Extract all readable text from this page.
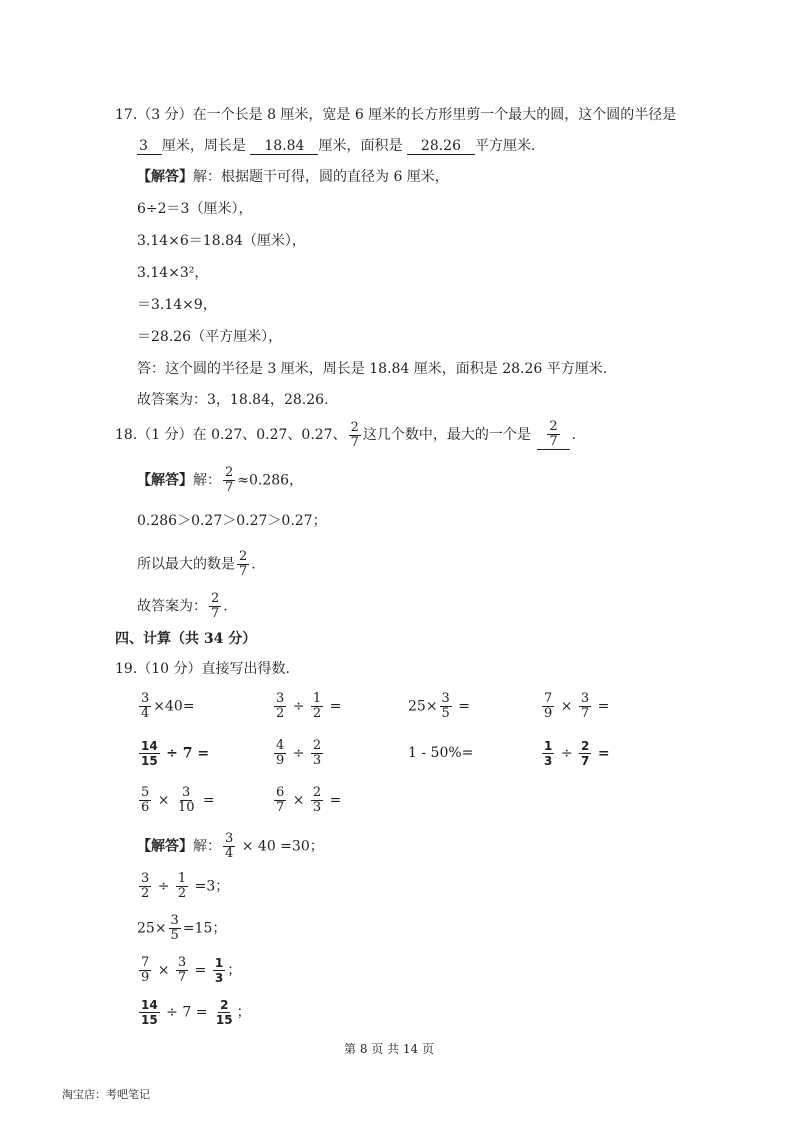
17.（3 分）在一个长是 8 厘米，宽是 6 厘米的长方形里剪一个最大的圆，这个圆的半径是
3 厘米，周长是 18.84 厘米，面积是 28.26 平方厘米.
【解答】解：根据题干可得，圆的直径为 6 厘米，
6÷2＝3（厘米），
3.14×6＝18.84（厘米），
3.14×3²，
＝3.14×9，
＝28.26（平方厘米），
答：这个圆的半径是 3 厘米，周长是 18.84 厘米，面积是 28.26 平方厘米.
故答案为：3，18.84，28.26.
18.（1 分）在 0.27、0.2̇7̇、0.27̇、 $\frac{2}{7}$ 这几个数中，最大的一个是 $\frac{2}{7}$ .
【解答】解： $\frac{2}{7} \approx 0.286$，
0.286＞0.2̇7̇＞0.27̇＞0.27；
所以最大的数是 $\frac{2}{7}$ .
故答案为： $\frac{2}{7}$ .
四、计算（共 34 分）
19.（10 分）直接写出得数.
$\frac{3}{4} \times 40=$	$\frac{3}{2} \div \frac{1}{2}$ =	$25\times \frac{3}{5}$ =	$\frac{7}{9} \times \frac{3}{7}$ =
$\frac{14}{15} \div 7$ =	$\frac{4}{9} \div \frac{2}{3}$	1 - 50%=	$\frac{1}{3} \div \frac{2}{7}$ =
$\frac{5}{6} \times \frac{3}{10}$ =	$\frac{6}{7} \times \frac{2}{3}$ =
【解答】解： $\frac{3}{4} \times 40 =30$；
$\frac{3}{2} \div \frac{1}{2} =3$；
$25\times \frac{3}{5} =15$；
$\frac{7}{9} \times \frac{3}{7} = \frac{1}{3}$ ；
$\frac{14}{15} \div 7 = \frac{2}{15}$ ；
第 8 页 共 14 页
淘宝店：考吧笔记
